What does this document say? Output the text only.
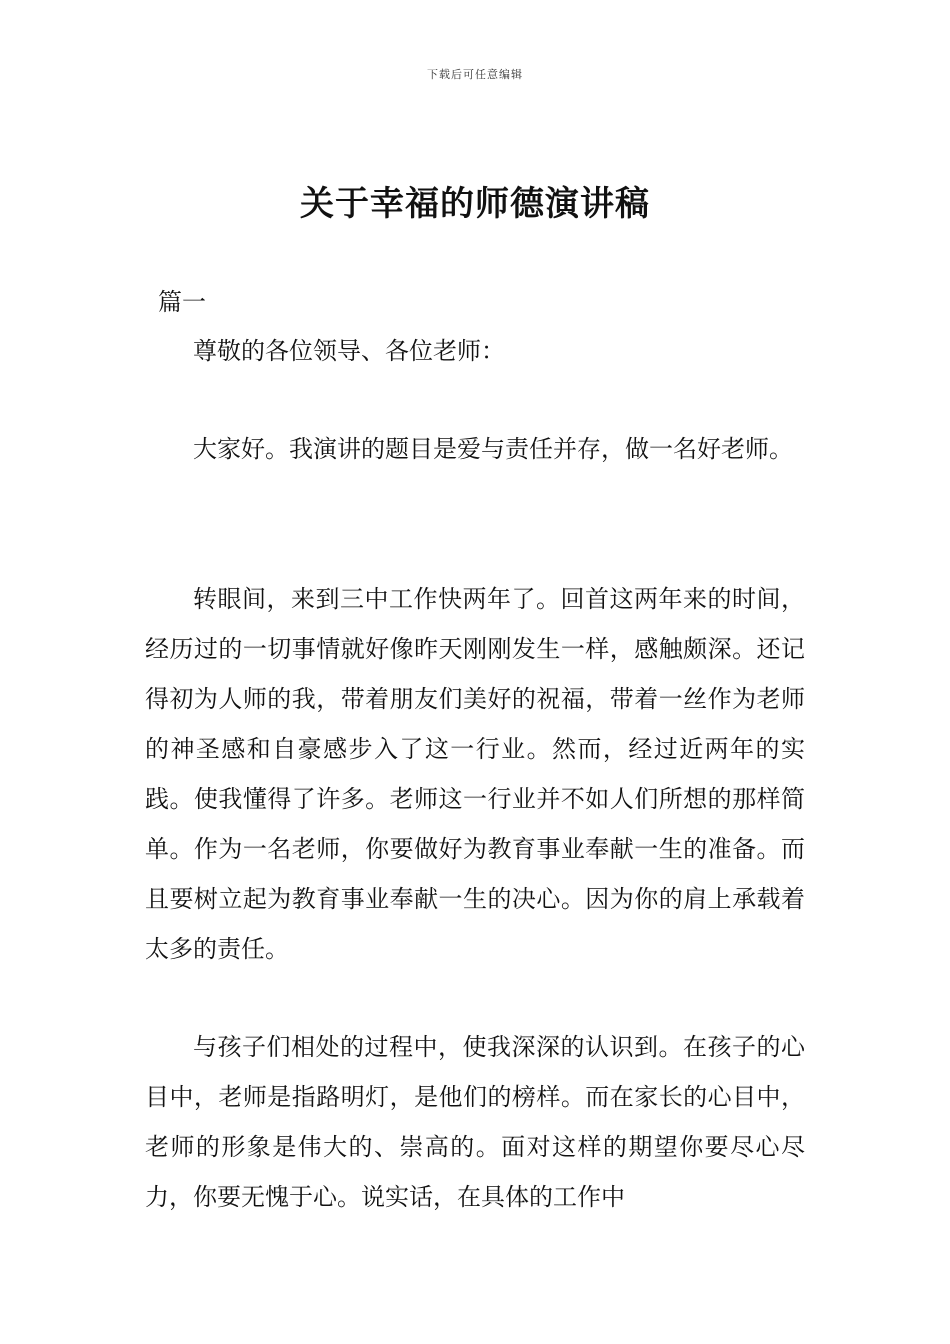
下载后可任意编辑
关于幸福的师德演讲稿
篇一

尊敬的各位领导、各位老师：

大家好。我演讲的题目是爱与责任并存，做一名好老师。

转眼间，来到三中工作快两年了。回首这两年来的时间，经历过的一切事情就好像昨天刚刚发生一样，感触颇深。还记得初为人师的我，带着朋友们美好的祝福，带着一丝作为老师的神圣感和自豪感步入了这一行业。然而，经过近两年的实践。使我懂得了许多。老师这一行业并不如人们所想的那样简单。作为一名老师，你要做好为教育事业奉献一生的准备。而且要树立起为教育事业奉献一生的决心。因为你的肩上承载着太多的责任。

与孩子们相处的过程中，使我深深的认识到。在孩子的心目中，老师是指路明灯，是他们的榜样。而在家长的心目中，老师的形象是伟大的、崇高的。面对这样的期望你要尽心尽力，你要无愧于心。说实话，在具体的工作中
